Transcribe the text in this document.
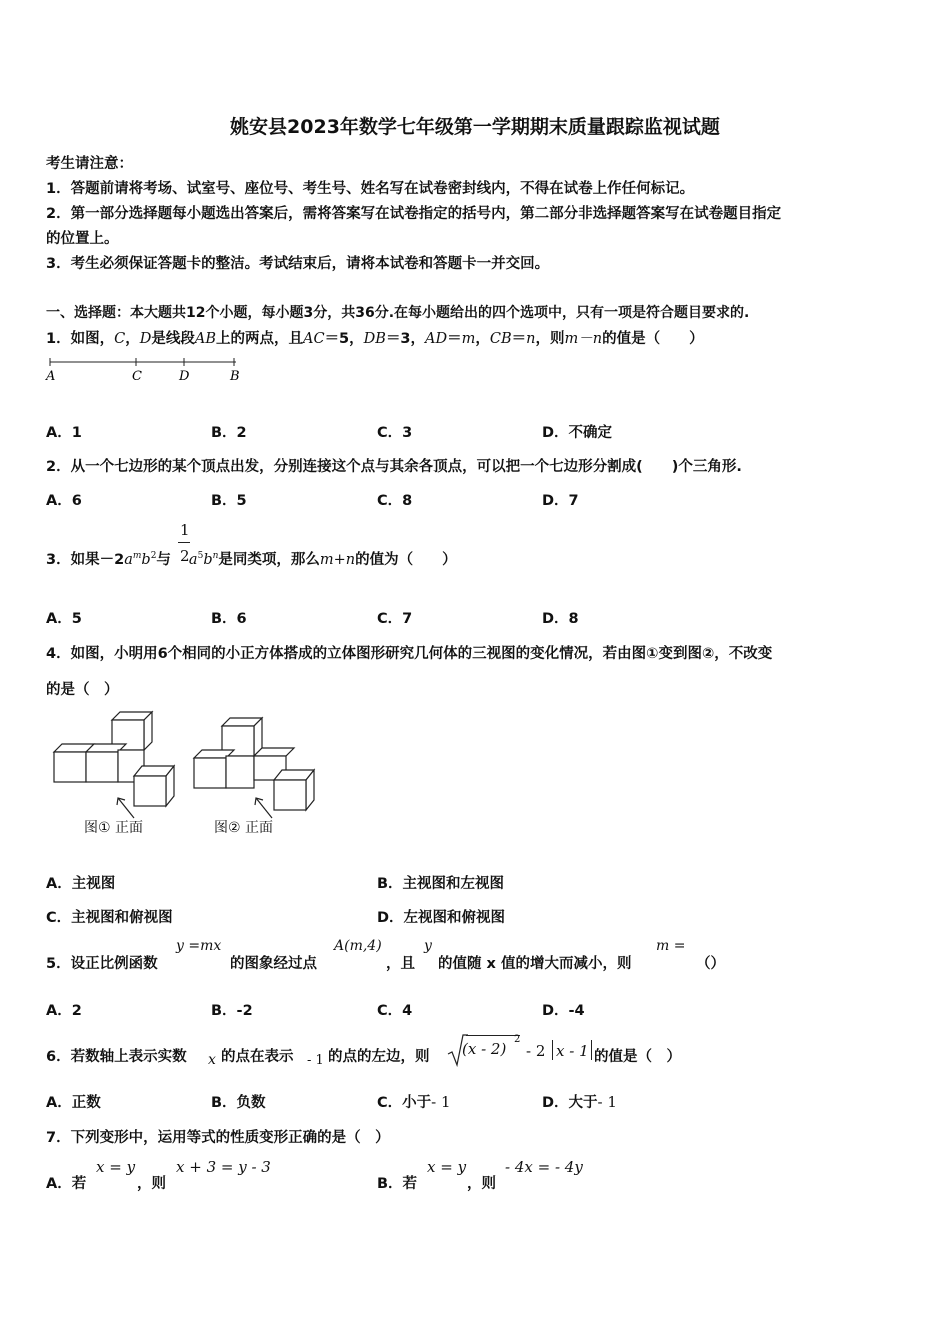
姚安县2023年数学七年级第一学期期末质量跟踪监视试题
考生请注意：
1．答题前请将考场、试室号、座位号、考生号、姓名写在试卷密封线内，不得在试卷上作任何标记。
2．第一部分选择题每小题选出答案后，需将答案写在试卷指定的括号内，第二部分非选择题答案写在试卷题目指定
的位置上。
3．考生必须保证答题卡的整洁。考试结束后，请将本试卷和答题卡一并交回。
一、选择题：本大题共12个小题，每小题3分，共36分.在每小题给出的四个选项中，只有一项是符合题目要求的.
1．如图，C，D是线段AB上的两点，且AC＝5，DB＝3，AD＝m，CB＝n，则m－n的值是（　　）
A	C	D	B
A．1	B．2	C．3	D．不确定
2．从一个七边形的某个顶点出发，分别连接这个点与其余各顶点，可以把一个七边形分割成(　　)个三角形.
A．6	B．5	C．8	D．7
3．如果$-2a^mb^2$与 $a^5b^n$是同类项，那么m+n的值为（　　）
1
2
A．5	B．6	C．7	D．8
4．如图，小明用6个相同的小正方体搭成的立体图形研究几何体的三视图的变化情况，若由图①变到图②，不改变
的是（　）
图① 正面	图② 正面
A．主视图	B．主视图和左视图
C．主视图和俯视图	D．左视图和俯视图
5．设正比例函数
y =mx
的图象经过点
A(m,4)
，且
y
的值随 x 值的增大而减小，则
m =
（）
A．2	B．-2	C．4	D．-4
6．若数轴上表示实数 x 的点在表示 - 1 的点的左边，则 (x - 2)
2
- 2 x - 1 的值是（　）
A．正数	B．负数	C．小于- 1	D．大于- 1
7．下列变形中，运用等式的性质变形正确的是（　）
A．若
x = y
，则
x + 3 = y - 3
B．若
x = y
，则
- 4x = - 4y
